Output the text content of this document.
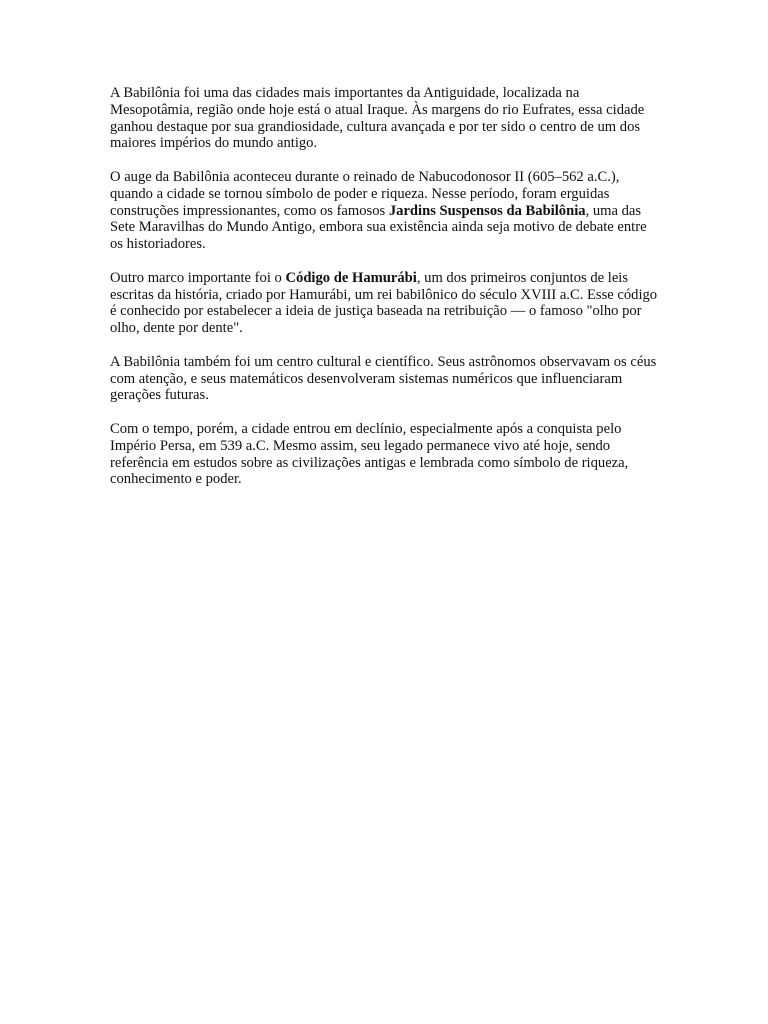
A Babilônia foi uma das cidades mais importantes da Antiguidade, localizada na Mesopotâmia, região onde hoje está o atual Iraque. Às margens do rio Eufrates, essa cidade ganhou destaque por sua grandiosidade, cultura avançada e por ter sido o centro de um dos maiores impérios do mundo antigo.

O auge da Babilônia aconteceu durante o reinado de Nabucodonosor II (605–562 a.C.), quando a cidade se tornou símbolo de poder e riqueza. Nesse período, foram erguidas construções impressionantes, como os famosos Jardins Suspensos da Babilônia, uma das Sete Maravilhas do Mundo Antigo, embora sua existência ainda seja motivo de debate entre os historiadores.

Outro marco importante foi o Código de Hamurábi, um dos primeiros conjuntos de leis escritas da história, criado por Hamurábi, um rei babilônico do século XVIII a.C. Esse código é conhecido por estabelecer a ideia de justiça baseada na retribuição — o famoso "olho por olho, dente por dente".

A Babilônia também foi um centro cultural e científico. Seus astrônomos observavam os céus com atenção, e seus matemáticos desenvolveram sistemas numéricos que influenciaram gerações futuras.

Com o tempo, porém, a cidade entrou em declínio, especialmente após a conquista pelo Império Persa, em 539 a.C. Mesmo assim, seu legado permanece vivo até hoje, sendo referência em estudos sobre as civilizações antigas e lembrada como símbolo de riqueza, conhecimento e poder.
